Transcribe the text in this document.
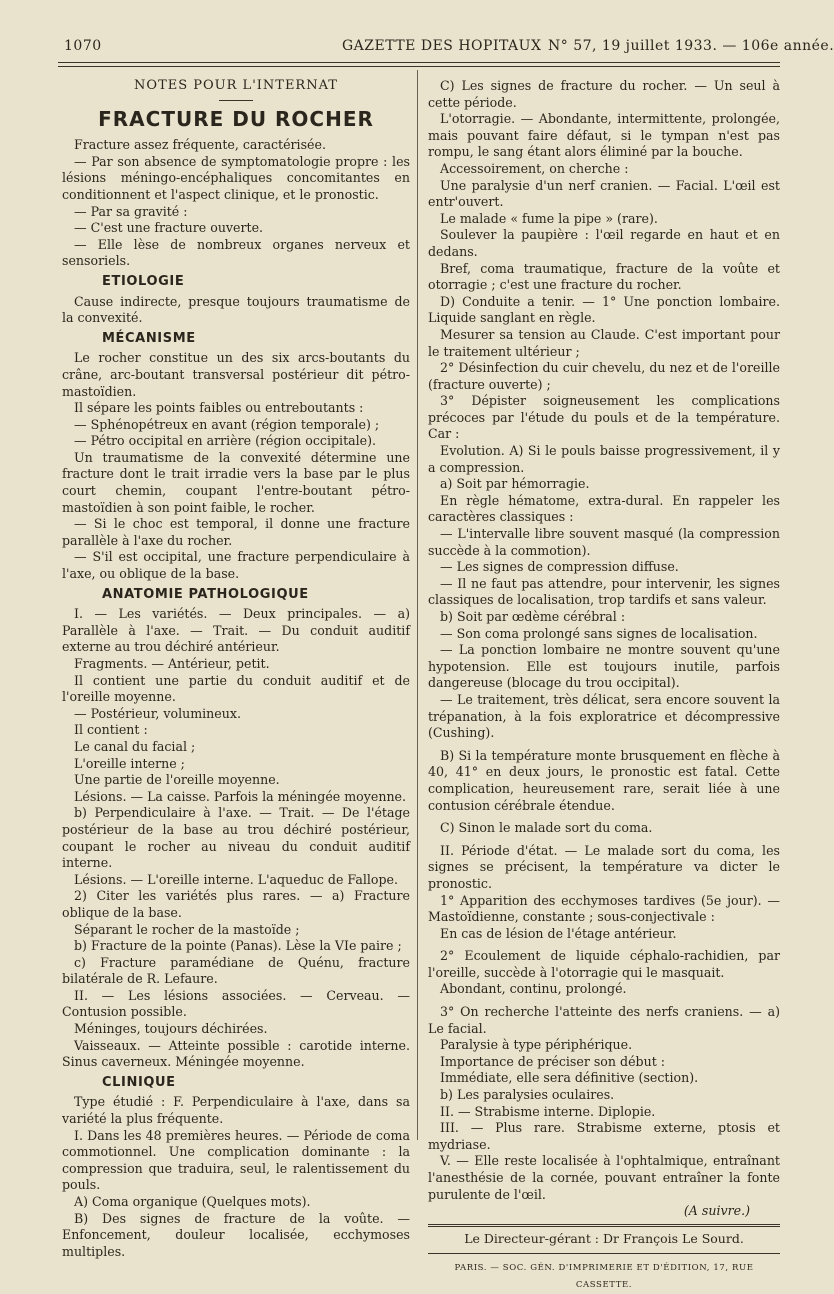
1070	GAZETTE DES HOPITAUX N° 57, 19 juillet 1933. — 106e année.

NOTES POUR L'INTERNAT

FRACTURE DU ROCHER

Fracture assez fréquente, caractérisée.

— Par son absence de symptomatologie propre : les lésions méningo-encéphaliques concomitantes en conditionnent et l'aspect clinique, et le pronostic.

— Par sa gravité :

— C'est une fracture ouverte.

— Elle lèse de nombreux organes nerveux et sensoriels.

ETIOLOGIE

Cause indirecte, presque toujours traumatisme de la convexité.

MÉCANISME

Le rocher constitue un des six arcs-boutants du crâne, arc-boutant transversal postérieur dit pétro-mastoïdien.

Il sépare les points faibles ou entreboutants :

— Sphénopétreux en avant (région temporale) ;

— Pétro occipital en arrière (région occipitale).

Un traumatisme de la convexité détermine une fracture dont le trait irradie vers la base par le plus court chemin, coupant l'entre-boutant pétro-mastoïdien à son point faible, le rocher.

— Si le choc est temporal, il donne une fracture parallèle à l'axe du rocher.

— S'il est occipital, une fracture perpendiculaire à l'axe, ou oblique de la base.

ANATOMIE PATHOLOGIQUE

I. — Les variétés. — Deux principales. — a) Parallèle à l'axe. — Trait. — Du conduit auditif externe au trou déchiré antérieur.

Fragments. — Antérieur, petit.

Il contient une partie du conduit auditif et de l'oreille moyenne.

— Postérieur, volumineux.

Il contient :

Le canal du facial ;

L'oreille interne ;

Une partie de l'oreille moyenne.

Lésions. — La caisse. Parfois la méningée moyenne.

b) Perpendiculaire à l'axe. — Trait. — De l'étage postérieur de la base au trou déchiré postérieur, coupant le rocher au niveau du conduit auditif interne.

Lésions. — L'oreille interne. L'aqueduc de Fallope.

2) Citer les variétés plus rares. — a) Fracture oblique de la base.

Séparant le rocher de la mastoïde ;

b) Fracture de la pointe (Panas). Lèse la VIe paire ;

c) Fracture paramédiane de Quénu, fracture bilatérale de R. Lefaure.

II. — Les lésions associées. — Cerveau. — Contusion possible.

Méninges, toujours déchirées.

Vaisseaux. — Atteinte possible : carotide interne. Sinus caverneux. Méningée moyenne.

CLINIQUE

Type étudié : F. Perpendiculaire à l'axe, dans sa variété la plus fréquente.

I. Dans les 48 premières heures. — Période de coma commotionnel. Une complication dominante : la compression que traduira, seul, le ralentissement du pouls.

A) Coma organique (Quelques mots).

B) Des signes de fracture de la voûte. — Enfoncement, douleur localisée, ecchymoses multiples.

C) Les signes de fracture du rocher. — Un seul à cette période.

L'otorragie. — Abondante, intermittente, prolongée, mais pouvant faire défaut, si le tympan n'est pas rompu, le sang étant alors éliminé par la bouche.

Accessoirement, on cherche :

Une paralysie d'un nerf cranien. — Facial. L'œil est entr'ouvert.

Le malade « fume la pipe » (rare).

Soulever la paupière : l'œil regarde en haut et en dedans.

Bref, coma traumatique, fracture de la voûte et otorragie ; c'est une fracture du rocher.

D) Conduite a tenir. — 1° Une ponction lombaire. Liquide sanglant en règle.

Mesurer sa tension au Claude. C'est important pour le traitement ultérieur ;

2° Désinfection du cuir chevelu, du nez et de l'oreille (fracture ouverte) ;

3° Dépister soigneusement les complications précoces par l'étude du pouls et de la température. Car :

Evolution. A) Si le pouls baisse progressivement, il y a compression.

a) Soit par hémorragie.

En règle hématome, extra-dural. En rappeler les caractères classiques :

— L'intervalle libre souvent masqué (la compression succède à la commotion).

— Les signes de compression diffuse.

— Il ne faut pas attendre, pour intervenir, les signes classiques de localisation, trop tardifs et sans valeur.

b) Soit par œdème cérébral :

— Son coma prolongé sans signes de localisation.

— La ponction lombaire ne montre souvent qu'une hypotension. Elle est toujours inutile, parfois dangereuse (blocage du trou occipital).

— Le traitement, très délicat, sera encore souvent la trépanation, à la fois exploratrice et décompressive (Cushing).

B) Si la température monte brusquement en flèche à 40, 41° en deux jours, le pronostic est fatal. Cette complication, heureusement rare, serait liée à une contusion cérébrale étendue.

C) Sinon le malade sort du coma.

II. Période d'état. — Le malade sort du coma, les signes se précisent, la température va dicter le pronostic.

1° Apparition des ecchymoses tardives (5e jour). — Mastoïdienne, constante ; sous-conjectivale :

En cas de lésion de l'étage antérieur.

2° Ecoulement de liquide céphalo-rachidien, par l'oreille, succède à l'otorragie qui le masquait.

Abondant, continu, prolongé.

3° On recherche l'atteinte des nerfs craniens. — a) Le facial.

Paralysie à type périphérique.

Importance de préciser son début :

Immédiate, elle sera définitive (section).

b) Les paralysies oculaires.

II. — Strabisme interne. Diplopie.

III. — Plus rare. Strabisme externe, ptosis et mydriase.

V. — Elle reste localisée à l'ophtalmique, entraînant l'anesthésie de la cornée, pouvant entraîner la fonte purulente de l'œil.

(A suivre.)

Le Directeur-gérant : Dr François Le Sourd.

PARIS. — SOC. GÉN. D'IMPRIMERIE ET D'ÉDITION, 17, RUE CASSETTE.
